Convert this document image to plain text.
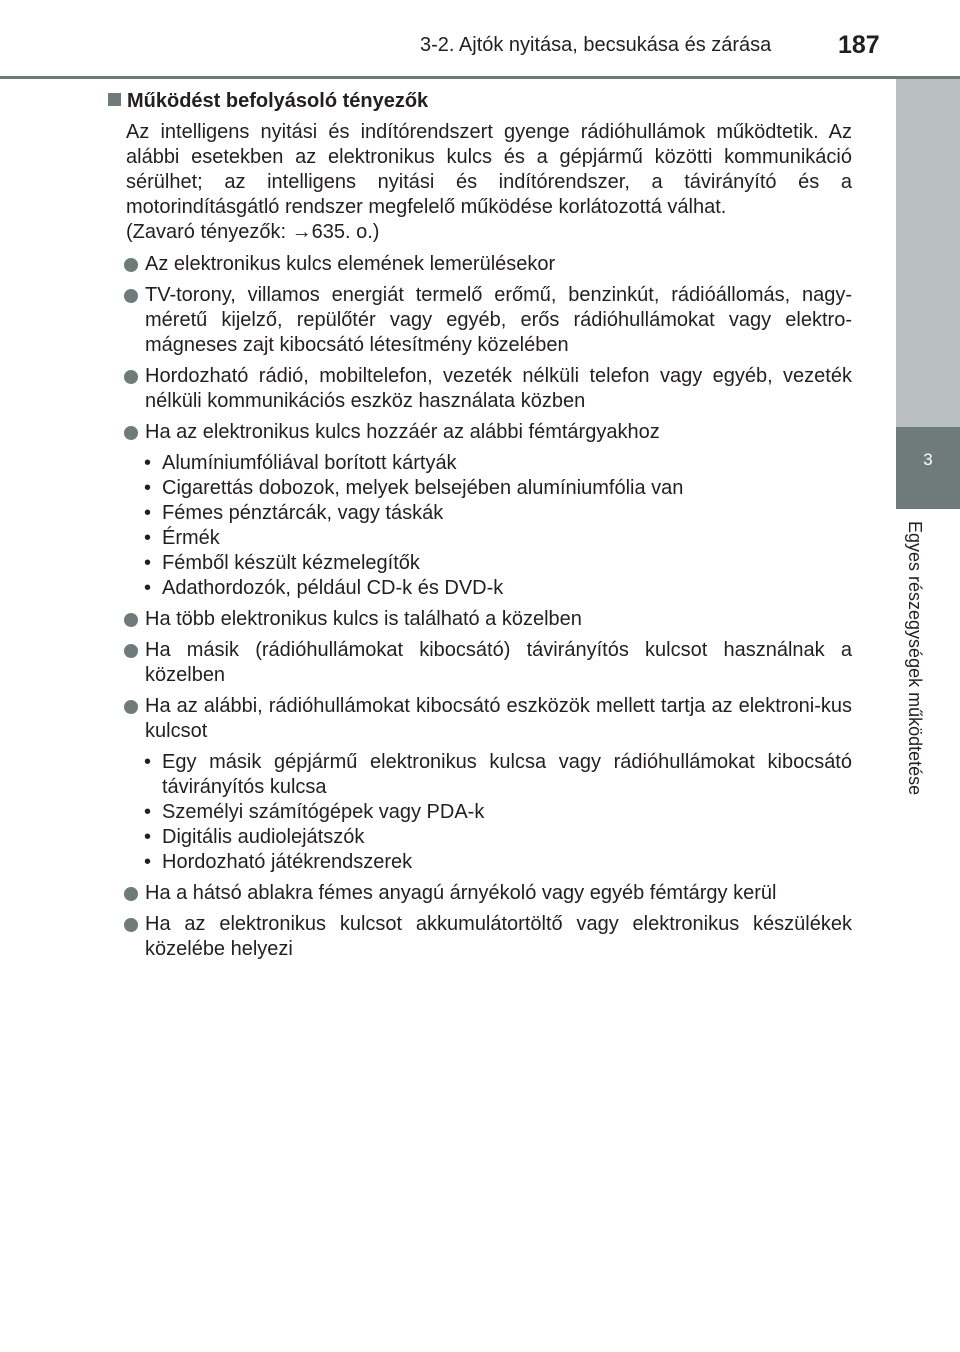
3-2. Ajtók nyitása, becsukása és zárása	187
3
Egyes részegységek működtetése
Működést befolyásoló tényezők
Az intelligens nyitási és indítórendszert gyenge rádióhullámok működtetik. Az
alábbi esetekben az elektronikus kulcs és a gépjármű közötti kommunikáció
sérülhet; az intelligens nyitási és indítórendszer, a távirányító és a
motorindításgátló rendszer megfelelő működése korlátozottá válhat.
(Zavaró tényezők: →635. o.)
Az elektronikus kulcs elemének lemerülésekor
TV-torony, villamos energiát termelő erőmű, benzinkút, rádióállomás, nagy-méretű kijelző, repülőtér vagy egyéb, erős rádióhullámokat vagy elektro-mágneses zajt kibocsátó létesítmény közelében
Hordozható rádió, mobiltelefon, vezeték nélküli telefon vagy egyéb, vezeték nélküli kommunikációs eszköz használata közben
Ha az elektronikus kulcs hozzáér az alábbi fémtárgyakhoz
• Alumíniumfóliával borított kártyák
• Cigarettás dobozok, melyek belsejében alumíniumfólia van
• Fémes pénztárcák, vagy táskák
• Érmék
• Fémből készült kézmelegítők
• Adathordozók, például CD-k és DVD-k
Ha több elektronikus kulcs is található a közelben
Ha másik (rádióhullámokat kibocsátó) távirányítós kulcsot használnak a közelben
Ha az alábbi, rádióhullámokat kibocsátó eszközök mellett tartja az elektroni-kus kulcsot
• Egy másik gépjármű elektronikus kulcsa vagy rádióhullámokat kibocsátó távirányítós kulcsa
• Személyi számítógépek vagy PDA-k
• Digitális audiolejátszók
• Hordozható játékrendszerek
Ha a hátsó ablakra fémes anyagú árnyékoló vagy egyéb fémtárgy kerül
Ha az elektronikus kulcsot akkumulátortöltő vagy elektronikus készülékek közelébe helyezi
